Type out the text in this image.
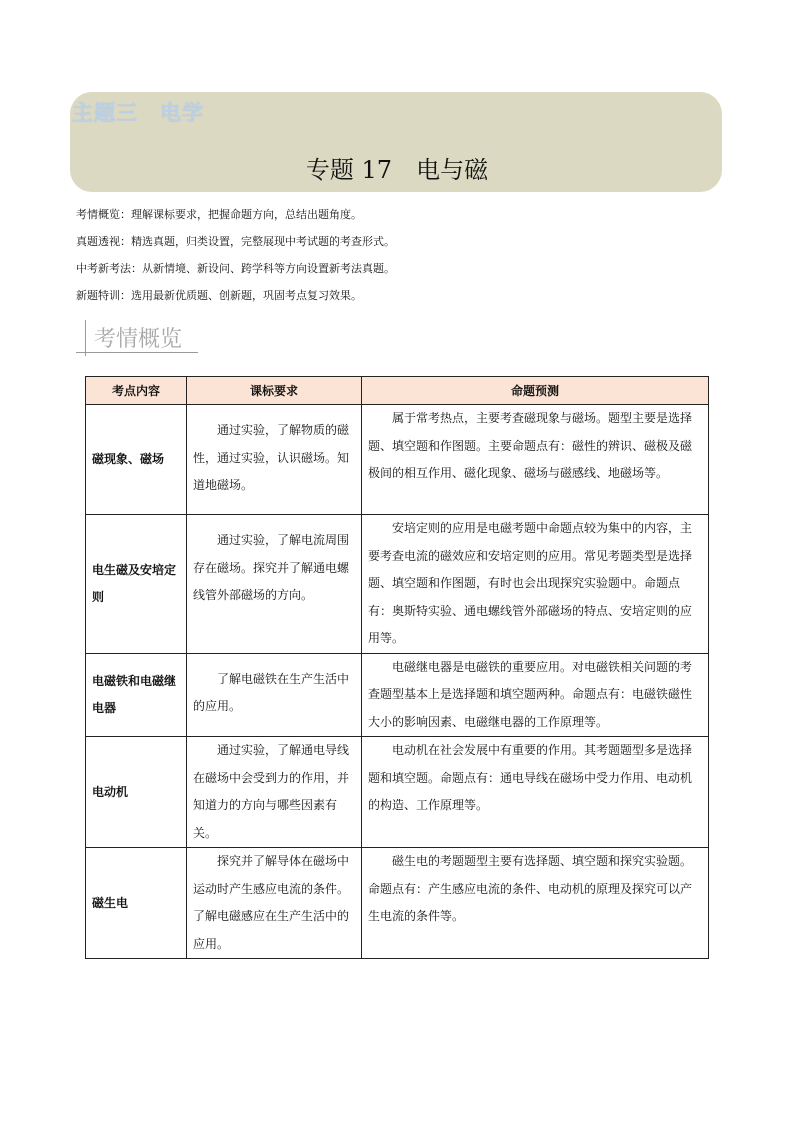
主题三　电学
专题 17　电与磁
考情概览：理解课标要求，把握命题方向，总结出题角度。
真题透视：精选真题，归类设置，完整展现中考试题的考查形式。
中考新考法：从新情境、新设问、跨学科等方向设置新考法真题。
新题特训：选用最新优质题、创新题，巩固考点复习效果。
考情概览
考点内容	课标要求	命题预测
磁现象、磁场	通过实验，了解物质的磁性，通过实验，认识磁场。知道地磁场。	属于常考热点，主要考查磁现象与磁场。题型主要是选择题、填空题和作图题。主要命题点有：磁性的辨识、磁极及磁极间的相互作用、磁化现象、磁场与磁感线、地磁场等。
电生磁及安培定则	通过实验，了解电流周围存在磁场。探究并了解通电螺线管外部磁场的方向。	安培定则的应用是电磁考题中命题点较为集中的内容，主要考查电流的磁效应和安培定则的应用。常见考题类型是选择题、填空题和作图题，有时也会出现探究实验题中。命题点有：奥斯特实验、通电螺线管外部磁场的特点、安培定则的应用等。
电磁铁和电磁继电器	了解电磁铁在生产生活中的应用。	电磁继电器是电磁铁的重要应用。对电磁铁相关问题的考查题型基本上是选择题和填空题两种。命题点有：电磁铁磁性大小的影响因素、电磁继电器的工作原理等。
电动机	通过实验，了解通电导线在磁场中会受到力的作用，并知道力的方向与哪些因素有关。	电动机在社会发展中有重要的作用。其考题题型多是选择题和填空题。命题点有：通电导线在磁场中受力作用、电动机的构造、工作原理等。
磁生电	探究并了解导体在磁场中运动时产生感应电流的条件。了解电磁感应在生产生活中的应用。	磁生电的考题题型主要有选择题、填空题和探究实验题。命题点有：产生感应电流的条件、电动机的原理及探究可以产生电流的条件等。
